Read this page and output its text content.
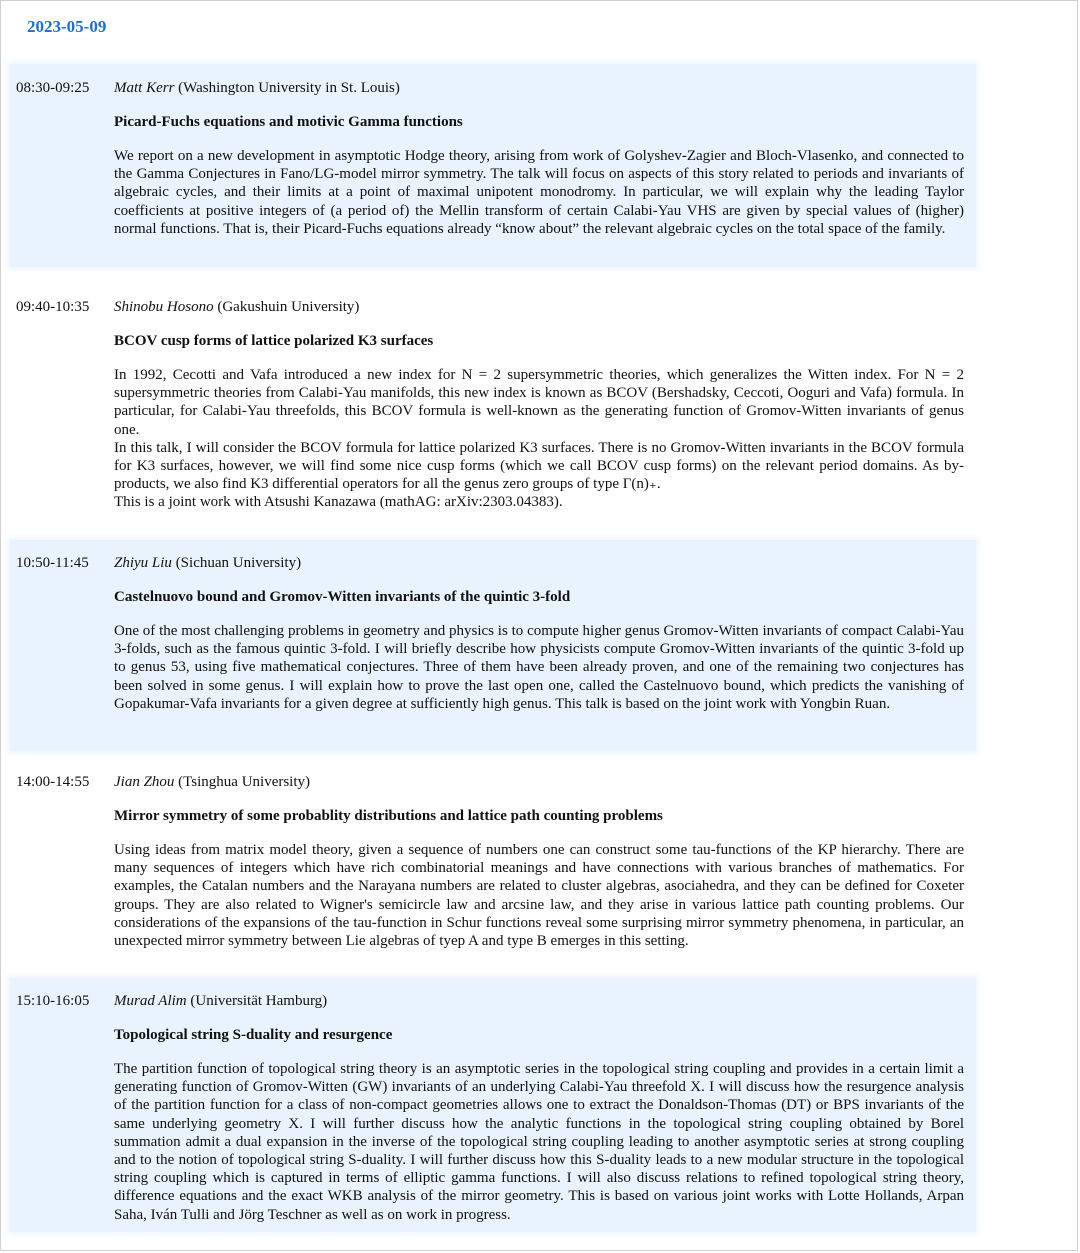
2023-05-09
08:30-09:25 Matt Kerr (Washington University in St. Louis)
Picard-Fuchs equations and motivic Gamma functions
We report on a new development in asymptotic Hodge theory, arising from work of Golyshev-Zagier and Bloch-Vlasenko, and connected to the Gamma Conjectures in Fano/LG-model mirror symmetry. The talk will focus on aspects of this story related to periods and invariants of algebraic cycles, and their limits at a point of maximal unipotent monodromy. In particular, we will explain why the leading Taylor coefficients at positive integers of (a period of) the Mellin transform of certain Calabi-Yau VHS are given by special values of (higher) normal functions. That is, their Picard-Fuchs equations already “know about” the relevant algebraic cycles on the total space of the family.
09:40-10:35 Shinobu Hosono (Gakushuin University)
BCOV cusp forms of lattice polarized K3 surfaces
In 1992, Cecotti and Vafa introduced a new index for N = 2 supersymmetric theories, which generalizes the Witten index. For N = 2 supersymmetric theories from Calabi-Yau manifolds, this new index is known as BCOV (Bershadsky, Ceccoti, Ooguri and Vafa) formula. In particular, for Calabi-Yau threefolds, this BCOV formula is well-known as the generating function of Gromov-Witten invariants of genus one.
In this talk, I will consider the BCOV formula for lattice polarized K3 surfaces. There is no Gromov-Witten invariants in the BCOV formula for K3 surfaces, however, we will find some nice cusp forms (which we call BCOV cusp forms) on the relevant period domains. As by-products, we also find K3 differential operators for all the genus zero groups of type Γ(n)₊.
This is a joint work with Atsushi Kanazawa (mathAG: arXiv:2303.04383).
10:50-11:45 Zhiyu Liu (Sichuan University)
Castelnuovo bound and Gromov-Witten invariants of the quintic 3-fold
One of the most challenging problems in geometry and physics is to compute higher genus Gromov-Witten invariants of compact Calabi-Yau 3-folds, such as the famous quintic 3-fold. I will briefly describe how physicists compute Gromov-Witten invariants of the quintic 3-fold up to genus 53, using five mathematical conjectures. Three of them have been already proven, and one of the remaining two conjectures has been solved in some genus. I will explain how to prove the last open one, called the Castelnuovo bound, which predicts the vanishing of Gopakumar-Vafa invariants for a given degree at sufficiently high genus. This talk is based on the joint work with Yongbin Ruan.
14:00-14:55 Jian Zhou (Tsinghua University)
Mirror symmetry of some probablity distributions and lattice path counting problems
Using ideas from matrix model theory, given a sequence of numbers one can construct some tau-functions of the KP hierarchy. There are many sequences of integers which have rich combinatorial meanings and have connections with various branches of mathematics. For examples, the Catalan numbers and the Narayana numbers are related to cluster algebras, asociahedra, and they can be defined for Coxeter groups. They are also related to Wigner's semicircle law and arcsine law, and they arise in various lattice path counting problems. Our considerations of the expansions of the tau-function in Schur functions reveal some surprising mirror symmetry phenomena, in particular, an unexpected mirror symmetry between Lie algebras of tyep A and type B emerges in this setting.
15:10-16:05 Murad Alim (Universität Hamburg)
Topological string S-duality and resurgence
The partition function of topological string theory is an asymptotic series in the topological string coupling and provides in a certain limit a generating function of Gromov-Witten (GW) invariants of an underlying Calabi-Yau threefold X. I will discuss how the resurgence analysis of the partition function for a class of non-compact geometries allows one to extract the Donaldson-Thomas (DT) or BPS invariants of the same underlying geometry X. I will further discuss how the analytic functions in the topological string coupling obtained by Borel summation admit a dual expansion in the inverse of the topological string coupling leading to another asymptotic series at strong coupling and to the notion of topological string S-duality. I will further discuss how this S-duality leads to a new modular structure in the topological string coupling which is captured in terms of elliptic gamma functions. I will also discuss relations to refined topological string theory, difference equations and the exact WKB analysis of the mirror geometry. This is based on various joint works with Lotte Hollands, Arpan Saha, Iván Tulli and Jörg Teschner as well as on work in progress.
